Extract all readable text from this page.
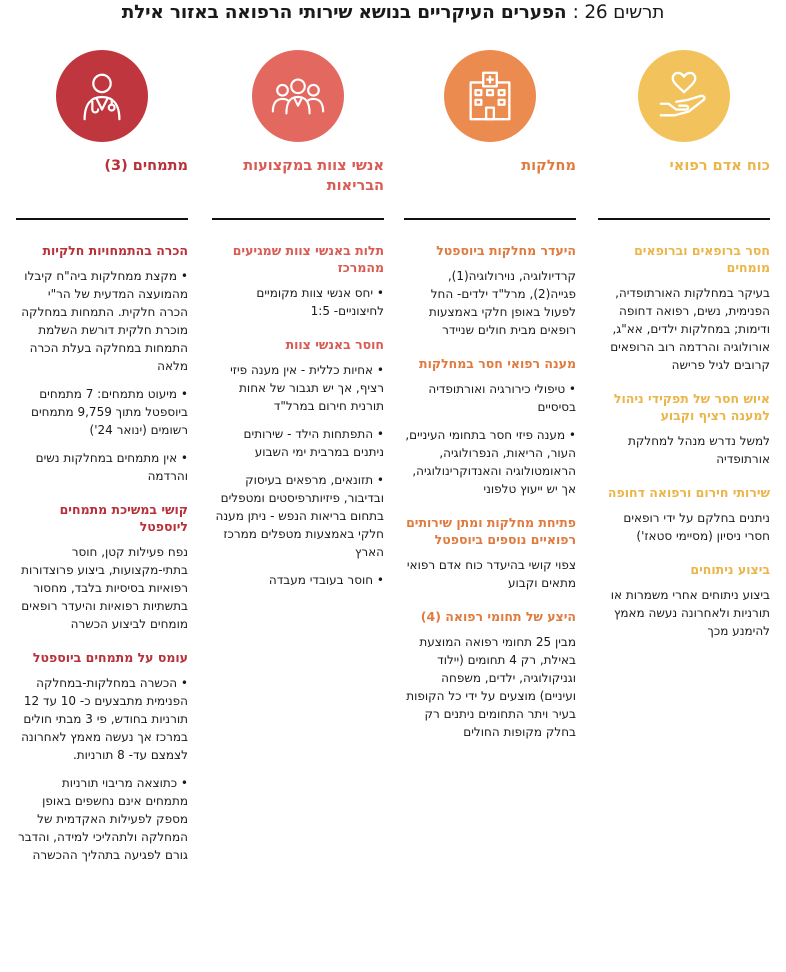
תרשים 26 : הפערים העיקריים בנושא שירותי הרפואה באזור אילת
כוח אדם רפואי
חסר ברופאים וברופאים מומחים
בעיקר במחלקות האורתופדיה, הפנימית, נשים, רפואה דחופה ודימות; במחלקות ילדים, אא"ג, אורולוגיה והרדמה רוב הרופאים קרובים לגיל פרישה
איוש חסר של תפקידי ניהול למענה רציף וקבוע
למשל נדרש מנהל למחלקת אורתופדיה
שירותי חירום ורפואה דחופה
ניתנים בחלקם על ידי רופאים חסרי ניסיון (מסיימי סטאז')
ביצוע ניתוחים
ביצוע ניתוחים אחרי משמרות או תורניות ולאחרונה נעשה מאמץ להימנע מכך
מחלקות
היעדר מחלקות ביוספטל
קרדיולוגיה, נוירולוגיה(1), פגייה(2), מרל"ד ילדים- החל לפעול באופן חלקי באמצעות רופאים מבית חולים שניידר
מענה רפואי חסר במחלקות
• טיפולי כירורגיה ואורתופדיה בסיסיים
• מענה פיזי חסר בתחומי העיניים, העור, הריאות, הנפרולוגיה, הראומטולוגיה והאנדוקרינולוגיה, אך יש ייעוץ טלפוני
פתיחת מחלקות ומתן שירותים רפואיים נוספים ביוספטל
צפוי קושי בהיעדר כוח אדם רפואי מתאים וקבוע
היצע של תחומי רפואה (4)
מבין 25 תחומי רפואה המוצעת באילת, רק 4 תחומים (יילוד וגניקולוגיה, ילדים, משפחה ועיניים) מוצעים על ידי כל הקופות בעיר ויתר התחומים ניתנים רק בחלק מקופות החולים
אנשי צוות במקצועות הבריאות
תלות באנשי צוות שמגיעים מהמרכז
• יחס אנשי צוות מקומיים לחיצוניים- 1:5
חוסר באנשי צוות
• אחיות כללית - אין מענה פיזי רציף, אך יש תגבור של אחות תורנית חירום במרל"ד
• התפתחות הילד - שירותים ניתנים במרבית ימי השבוע
• תזונאים, מרפאים בעיסוק ובדיבור, פיזיותרפיסטים ומטפלים בתחום בריאות הנפש - ניתן מענה חלקי באמצעות מטפלים ממרכז הארץ
• חוסר בעובדי מעבדה
מתמחים (3)
הכרה בהתמחויות חלקיות
• מקצת ממחלקות ביה"ח קיבלו מהמועצה המדעית של הר"י הכרה חלקית. התמחות במחלקה מוכרת חלקית דורשת השלמת התמחות במחלקה בעלת הכרה מלאה
• מיעוט מתמחים: 7 מתמחים ביוספטל מתוך 9,759 מתמחים רשומים (ינואר 24')
• אין מתמחים במחלקות נשים והרדמה
קושי במשיכת מתמחים ליוספטל
נפח פעילות קטן, חוסר בתתי-מקצועות, ביצוע פרוצדורות רפואיות בסיסיות בלבד, מחסור בתשתיות רפואיות והיעדר רופאים מומחים לביצוע הכשרה
עומס על מתמחים ביוספטל
• הכשרה במחלקות-במחלקה הפנימית מתבצעים כ- 10 עד 12 תורניות בחודש, פי 3 מבתי חולים במרכז אך נעשה מאמץ לאחרונה לצמצם עד- 8 תורניות.
• כתוצאה מריבוי תורניות מתמחים אינם נחשפים באופן מספק לפעילות האקדמית של המחלקה ולתהליכי למידה, והדבר גורם לפגיעה בתהליך ההכשרה
